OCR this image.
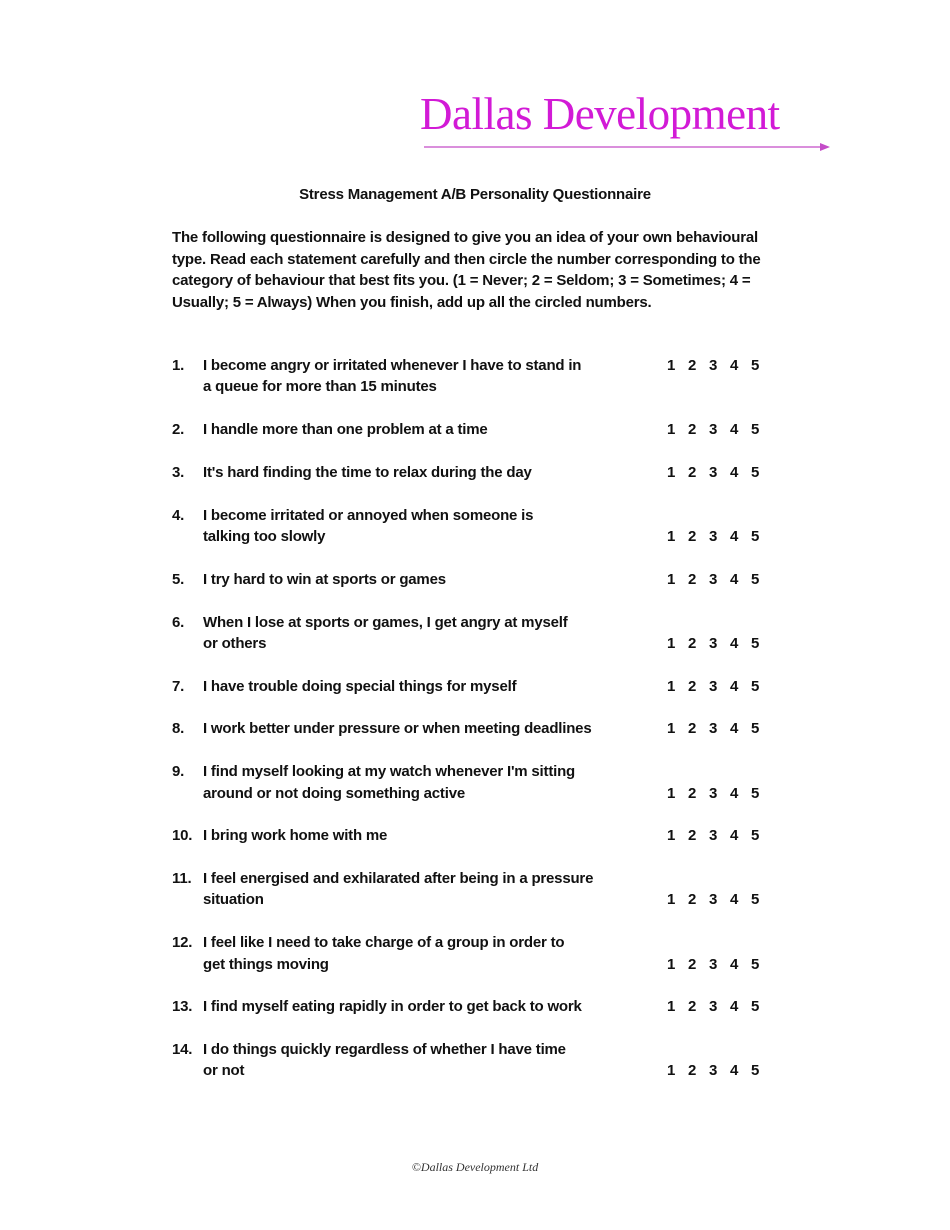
Dallas Development
Stress Management A/B Personality Questionnaire
The following questionnaire is designed to give you an idea of your own behavioural type. Read each statement carefully and then circle the number corresponding to the category of behaviour that best fits you. (1 = Never; 2 = Seldom; 3 = Sometimes; 4 = Usually; 5 = Always) When you finish, add up all the circled numbers.
1. I become angry or irritated whenever I have to stand in
a queue for more than 15 minutes
1 2 3 4 5
2. I handle more than one problem at a time	1 2 3 4 5
3. It's hard finding the time to relax during the day	1 2 3 4 5
4. I become irritated or annoyed when someone is
talking too slowly	1 2 3 4 5
5. I try hard to win at sports or games	1 2 3 4 5
6. When I lose at sports or games, I get angry at myself
or others	1 2 3 4 5
7. I have trouble doing special things for myself	1 2 3 4 5
8. I work better under pressure or when meeting deadlines	1 2 3 4 5
9. I find myself looking at my watch whenever I'm sitting
around or not doing something active	1 2 3 4 5
10. I bring work home with me	1 2 3 4 5
11. I feel energised and exhilarated after being in a pressure
situation	1 2 3 4 5
12. I feel like I need to take charge of a group in order to
get things moving	1 2 3 4 5
13. I find myself eating rapidly in order to get back to work	1 2 3 4 5
14. I do things quickly regardless of whether I have time
or not	1 2 3 4 5
©Dallas Development Ltd
